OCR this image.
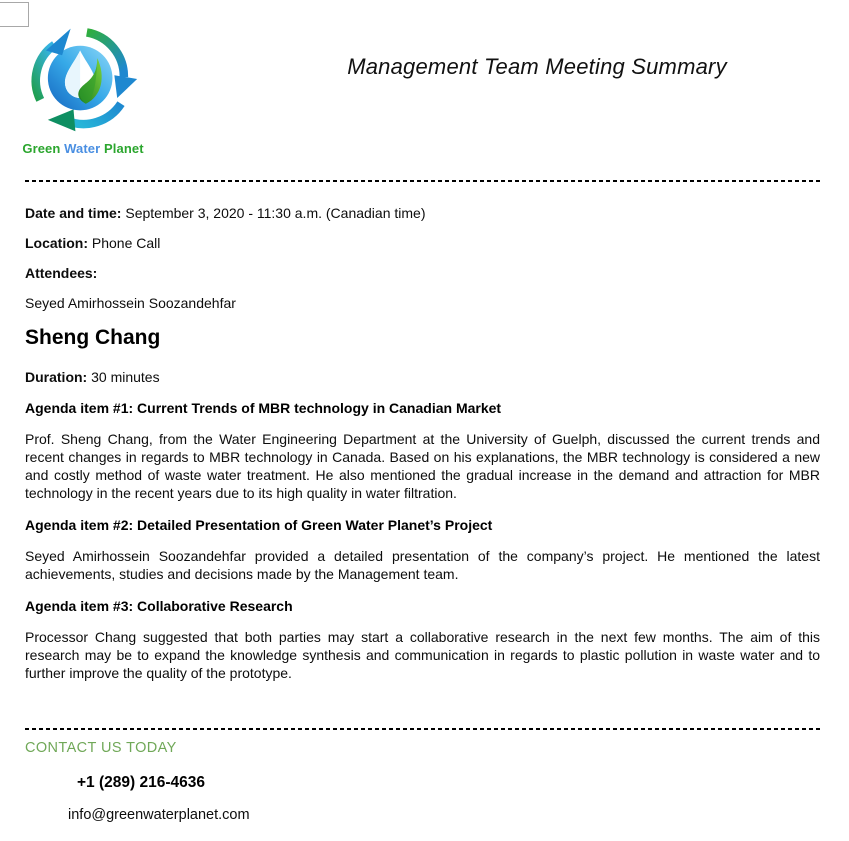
Green Water Planet
Management Team Meeting Summary

Date and time: September 3, 2020 - 11:30 a.m. (Canadian time)

Location: Phone Call

Attendees:

Seyed Amirhossein Soozandehfar

Sheng Chang

Duration: 30 minutes

Agenda item #1: Current Trends of MBR technology in Canadian Market

Prof. Sheng Chang, from the Water Engineering Department at the University of Guelph, discussed the current trends and recent changes in regards to MBR technology in Canada. Based on his explanations, the MBR technology is considered a new and costly method of waste water treatment. He also mentioned the gradual increase in the demand and attraction for MBR technology in the recent years due to its high quality in water filtration.

Agenda item #2: Detailed Presentation of Green Water Planet’s Project

Seyed Amirhossein Soozandehfar provided a detailed presentation of the company’s project. He mentioned the latest achievements, studies and decisions made by the Management team.

Agenda item #3: Collaborative Research

Processor Chang suggested that both parties may start a collaborative research in the next few months. The aim of this research may be to expand the knowledge synthesis and communication in regards to plastic pollution in waste water and to further improve the quality of the prototype.

CONTACT US TODAY

+1 (289) 216-4636

info@greenwaterplanet.com
